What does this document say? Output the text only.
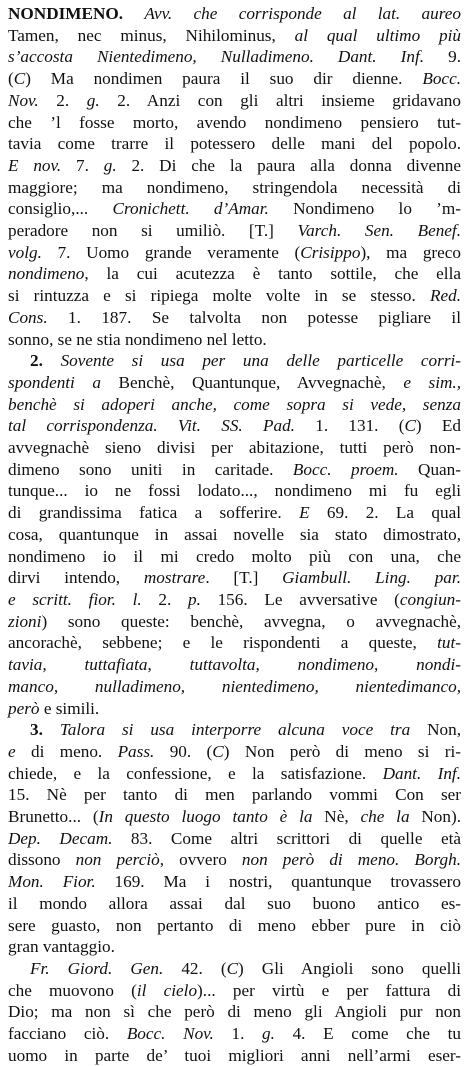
NONDIMENO. Avv. che corrisponde al lat. aureo
Tamen, nec minus, Nihilominus, al qual ultimo più
s’accosta Nientedimeno, Nulladimeno. Dant. Inf. 9.
(C) Ma nondimen paura il suo dir dienne. Bocc.
Nov. 2. g. 2. Anzi con gli altri insieme gridavano
che ’l fosse morto, avendo nondimeno pensiero tut-
tavia come trarre il potessero delle mani del popolo.
E nov. 7. g. 2. Di che la paura alla donna divenne
maggiore; ma nondimeno, stringendola necessità di
consiglio,... Cronichett. d’Amar. Nondimeno lo ’m-
peradore non si umiliò. [T.] Varch. Sen. Benef.
volg. 7. Uomo grande veramente (Crisippo), ma greco
nondimeno, la cui acutezza è tanto sottile, che ella
si rintuzza e si ripiega molte volte in se stesso. Red.
Cons. 1. 187. Se talvolta non potesse pigliare il
sonno, se ne stia nondimeno nel letto.
2. Sovente si usa per una delle particelle corri-
spondenti a Benchè, Quantunque, Avvegnachè, e sim.,
benchè si adoperi anche, come sopra si vede, senza
tal corrispondenza. Vit. SS. Pad. 1. 131. (C) Ed
avvegnachè sieno divisi per abitazione, tutti però non-
dimeno sono uniti in caritade. Bocc. proem. Quan-
tunque... io ne fossi lodato..., nondimeno mi fu egli
di grandissima fatica a sofferire. E 69. 2. La qual
cosa, quantunque in assai novelle sia stato dimostrato,
nondimeno io il mi credo molto più con una, che
dirvi intendo, mostrare. [T.] Giambull. Ling. par.
e scritt. fior. l. 2. p. 156. Le avversative (congiun-
zioni) sono queste: benchè, avvegna, o avvegnachè,
ancorachè, sebbene; e le rispondenti a queste, tut-
tavia, tuttafiata, tuttavolta, nondimeno, nondi-
manco, nulladimeno, nientedimeno, nientedimanco,
però e simili.
3. Talora si usa interporre alcuna voce tra Non,
e di meno. Pass. 90. (C) Non però di meno si ri-
chiede, e la confessione, e la satisfazione. Dant. Inf.
15. Nè per tanto di men parlando vommi Con ser
Brunetto... (In questo luogo tanto è la Nè, che la Non).
Dep. Decam. 83. Come altri scrittori di quelle età
dissono non perciò, ovvero non però di meno. Borgh.
Mon. Fior. 169. Ma i nostri, quantunque trovassero
il mondo allora assai dal suo buono antico es-
sere guasto, non pertanto di meno ebber pure in ciò
gran vantaggio.
Fr. Giord. Gen. 42. (C) Gli Angioli sono quelli
che muovono (il cielo)... per virtù e per fattura di
Dio; ma non sì che però di meno gli Angioli pur non
facciano ciò. Bocc. Nov. 1. g. 4. E come che tu
uomo in parte de’ tuoi migliori anni nell’armi eser-
